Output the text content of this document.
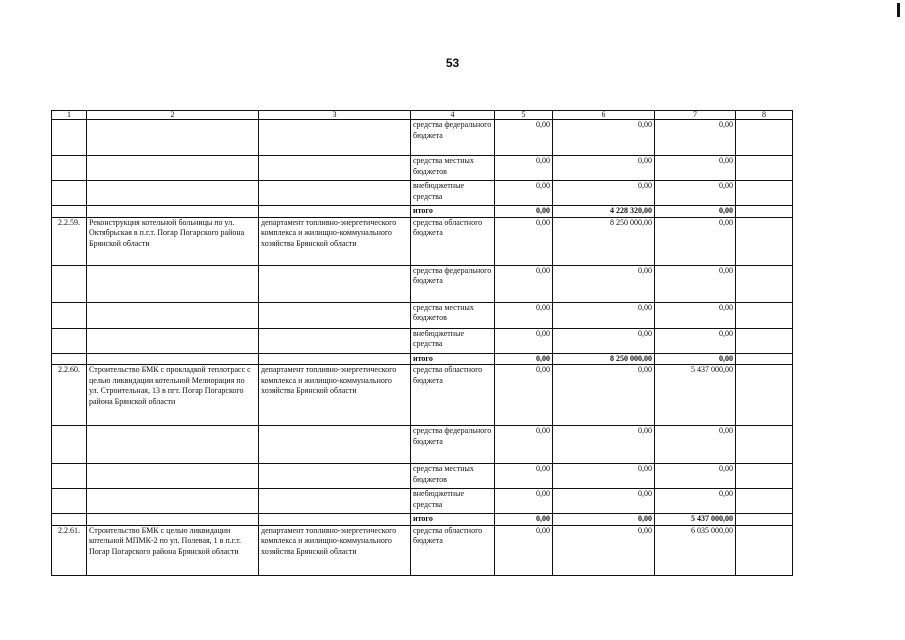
53
1	2	3	4	5	6	7	8
			средства федерального бюджета	0,00	0,00	0,00	
			средства местных бюджетов	0,00	0,00	0,00	
			внебюджетные средства	0,00	0,00	0,00	
			итого	0,00	4 228 320,00	0,00	
2.2.59.	Реконструкция котельной больницы по ул. Октябрьская в п.г.т. Погар Погарского района Брянской области	департамент топливно-энергетического комплекса и жилищно-коммунального хозяйства Брянской области	средства областного бюджета	0,00	8 250 000,00	0,00	
			средства федерального бюджета	0,00	0,00	0,00	
			средства местных бюджетов	0,00	0,00	0,00	
			внебюджетные средства	0,00	0,00	0,00	
			итого	0,00	8 250 000,00	0,00	
2.2.60.	Строительство БМК с прокладкой теплотрасс с целью ликвидации котельной Мелиорация по ул. Строительная, 13 в пгт. Погар Погарского района Брянской области	департамент топливно-энергетического комплекса и жилищно-коммунального хозяйства Брянской области	средства областного бюджета	0,00	0,00	5 437 000,00	
			средства федерального бюджета	0,00	0,00	0,00	
			средства местных бюджетов	0,00	0,00	0,00	
			внебюджетные средства	0,00	0,00	0,00	
			итого	0,00	0,00	5 437 000,00	
2.2.61.	Строительство БМК с целью ликвидации котельной МПМК-2 по ул. Полевая, 1 в п.г.т. Погар Погарского района Брянской области	департамент топливно-энергетического комплекса и жилищно-коммунального хозяйства Брянской области	средства областного бюджета	0,00	0,00	6 035 000,00	
